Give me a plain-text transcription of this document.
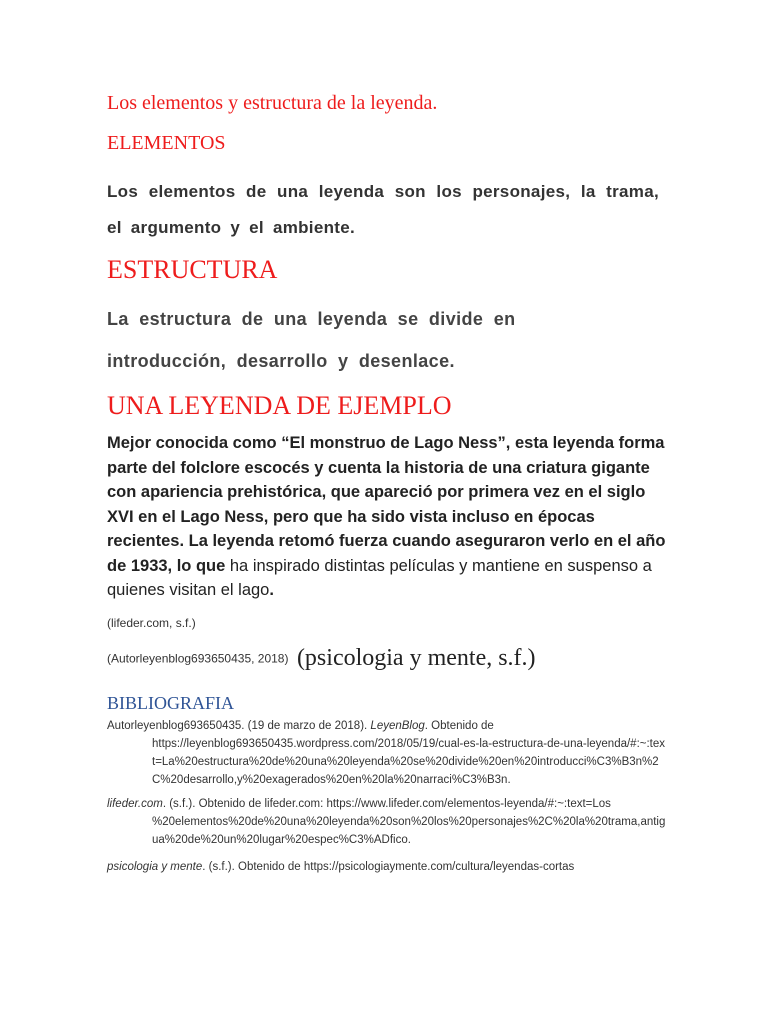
Los elementos y estructura de la leyenda.
ELEMENTOS
Los elementos de una leyenda son los personajes, la trama, el argumento y el ambiente.
ESTRUCTURA
La estructura de una leyenda se divide en introducción, desarrollo y desenlace.
UNA LEYENDA DE EJEMPLO
Mejor conocida como “El monstruo de Lago Ness”, esta leyenda forma parte del folclore escocés y cuenta la historia de una criatura gigante con apariencia prehistórica, que apareció por primera vez en el siglo XVI en el Lago Ness, pero que ha sido vista incluso en épocas recientes. La leyenda retomó fuerza cuando aseguraron verlo en el año de 1933, lo que ha inspirado distintas películas y mantiene en suspenso a quienes visitan el lago.
(lifeder.com, s.f.)
(Autorleyenblog693650435, 2018) (psicologia y mente, s.f.)
BIBLIOGRAFIA
Autorleyenblog693650435. (19 de marzo de 2018). LeyenBlog. Obtenido de
https://leyenblog693650435.wordpress.com/2018/05/19/cual-es-la-estructura-de-una-leyenda/#:~:text=La%20estructura%20de%20una%20leyenda%20se%20divide%20en%20introducci%C3%B3n%2C%20desarrollo,y%20exagerados%20en%20la%20narraci%C3%B3n.
lifeder.com. (s.f.). Obtenido de lifeder.com: https://www.lifeder.com/elementos-leyenda/#:~:text=Los
%20elementos%20de%20una%20leyenda%20son%20los%20personajes%2C%20la%20trama,antigua%20de%20un%20lugar%20espec%C3%ADfico.
psicologia y mente. (s.f.). Obtenido de https://psicologiaymente.com/cultura/leyendas-cortas
